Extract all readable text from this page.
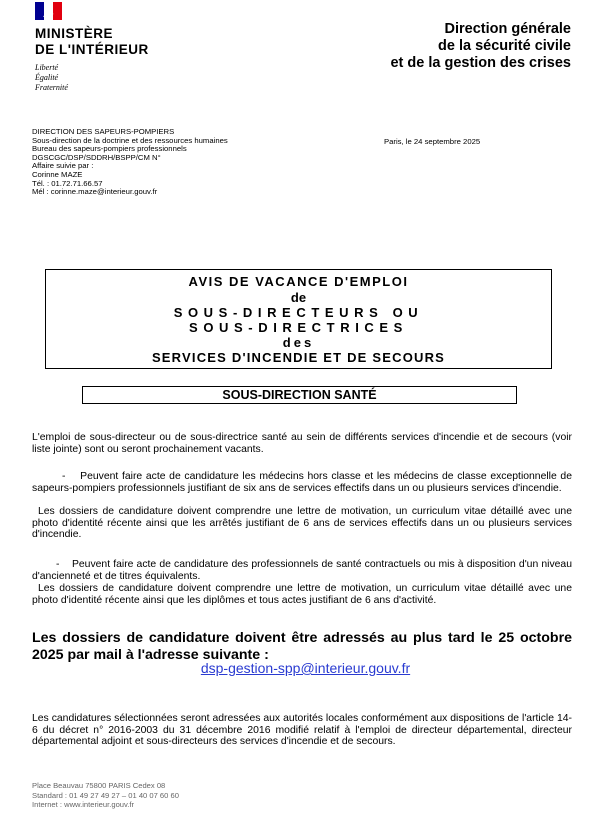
MINISTÈRE
DE L'INTÉRIEUR
Liberté
Égalité
Fraternité
Direction générale
de la sécurité civile
et de la gestion des crises
DIRECTION DES SAPEURS-POMPIERS
Sous-direction de la doctrine et des ressources humaines
Bureau des sapeurs-pompiers professionnels
DGSCGC/DSP/SDDRH/BSPP/CM N°
Affaire suivie par :
Corinne MAZE
Tél. : 01.72.71.66.57
Mél : corinne.maze@interieur.gouv.fr
Paris, le 24 septembre 2025
AVIS DE VACANCE D'EMPLOI
de
SOUS-DIRECTEURS OU
SOUS-DIRECTRICES
des
SERVICES D'INCENDIE ET DE SECOURS
SOUS-DIRECTION SANTÉ
L'emploi de sous-directeur ou de sous-directrice santé au sein de différents services d'incendie et de secours (voir liste jointe) sont ou seront prochainement vacants.
-    Peuvent faire acte de candidature les médecins hors classe et les médecins de classe exceptionnelle de sapeurs-pompiers professionnels justifiant de six ans de services effectifs dans un ou plusieurs services d'incendie.
Les dossiers de candidature doivent comprendre une lettre de motivation, un curriculum vitae détaillé avec une photo d'identité récente ainsi que les arrêtés justifiant de 6 ans de services effectifs dans un ou plusieurs services d'incendie.
-    Peuvent faire acte de candidature des professionnels de santé contractuels ou mis à disposition d'un niveau d'ancienneté et de titres équivalents.
Les dossiers de candidature doivent comprendre une lettre de motivation, un curriculum vitae détaillé avec une photo d'identité récente ainsi que les diplômes et tous actes justifiant de 6 ans d'activité.
Les dossiers de candidature doivent être adressés au plus tard le 25 octobre 2025 par mail à l'adresse suivante :
dsp-gestion-spp@interieur.gouv.fr
Les candidatures sélectionnées seront adressées aux autorités locales conformément aux dispositions de l'article 14-6 du décret n° 2016-2003 du 31 décembre 2016 modifié relatif à l'emploi de directeur départemental, directeur départemental adjoint et sous-directeurs des services d'incendie et de secours.
Place Beauvau 75800 PARIS Cedex 08
Standard : 01 49 27 49 27 – 01 40 07 60 60
Internet : www.interieur.gouv.fr
